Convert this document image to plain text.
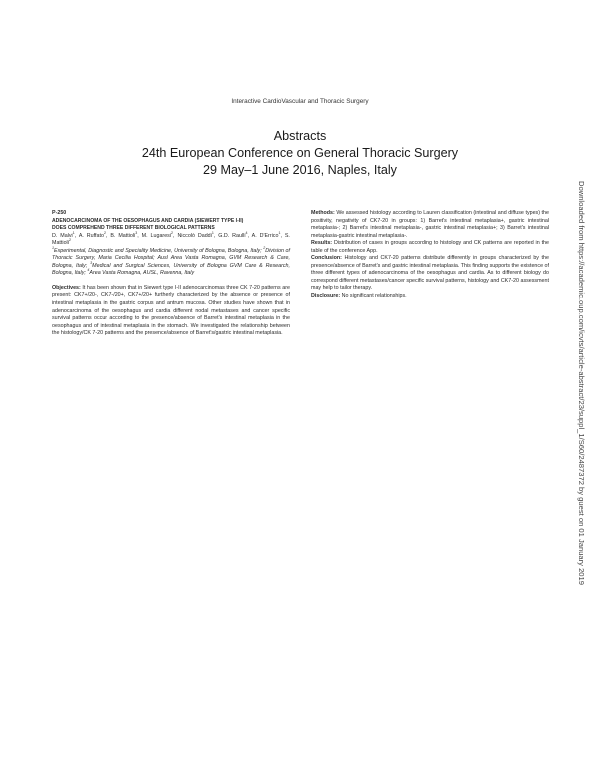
Interactive CardioVascular and Thoracic Surgery
Abstracts
24th European Conference on General Thoracic Surgery
29 May–1 June 2016, Naples, Italy

P-250

ADENOCARCINOMA OF THE OESOPHAGUS AND CARDIA (SIEWERT TYPE I-II)
DOES COMPREHEND THREE DIFFERENT BIOLOGICAL PATTERNS

D. Malvi$^1$, A. Ruffato$^2$, B. Mattioli$^3$, M. Lugaresi$^2$, Niccolò Daddi$^1$, G.D. Raulli$^4$, A. D'Errico$^1$, S. Mattioli$^2$

$^1$Experimental, Diagnostic and Speciality Medicine, University of Bologna, Bologna, Italy; $^2$Division of Thoracic Surgery, Maria Cecilia Hospital; Ausl Area Vasta Romagna, GVM Research & Care, Bologna, Italy; $^3$Medical and Surgical Sciences, University of Bologna GVM Care & Research, Bologna, Italy; $^4$Area Vasta Romagna, AUSL, Ravenna, Italy

Objectives: It has been shown that in Siewert type I-II adenocarcinomas three CK 7-20 patterns are present: CK7+/20-, CK7-/20+, CK7+/20+ furtherly characterized by the absence or presence of intestinal metaplasia in the gastric corpus and antrum mucosa. Other studies have shown that in adenocarcinoma of the oesophagus and cardia different nodal metastases and cancer specific survival patterns occur according to the presence/absence of Barret's intestinal metaplasia in the oesophagus and of intestinal metaplasia in the stomach. We investigated the relationship between the histology/CK 7-20 patterns and the presence/absence of Barret's/gastric intestinal metaplasia.

Methods: We assessed histology according to Lauren classification (intestinal and diffuse types) the positivity, negativity of CK7-20 in groups: 1) Barret's intestinal metaplasia+, gastric intestinal metaplasia-; 2) Barret's intestinal metaplasia-, gastric intestinal metaplasia+; 3) Barret's intestinal metaplasia-gastric intestinal metaplasia-.

Results: Distribution of cases in groups according to histology and CK patterns are reported in the table of the conference App.

Conclusion: Histology and CK7-20 patterns distribute differently in groups characterized by the presence/absence of Barret's and gastric intestinal metaplasia. This finding supports the existence of three different types of adenocarcinoma of the oesophagus and cardia. As to different biology do correspond different metastases/cancer specific survival patterns, histology and CK7-20 assessment may help to tailor therapy.

Disclosure: No significant relationships.	Downloaded from https://academic.oup.com/icvts/article-abstract/23/suppl_1/S60/2487372 by guest on 01 January 2019
